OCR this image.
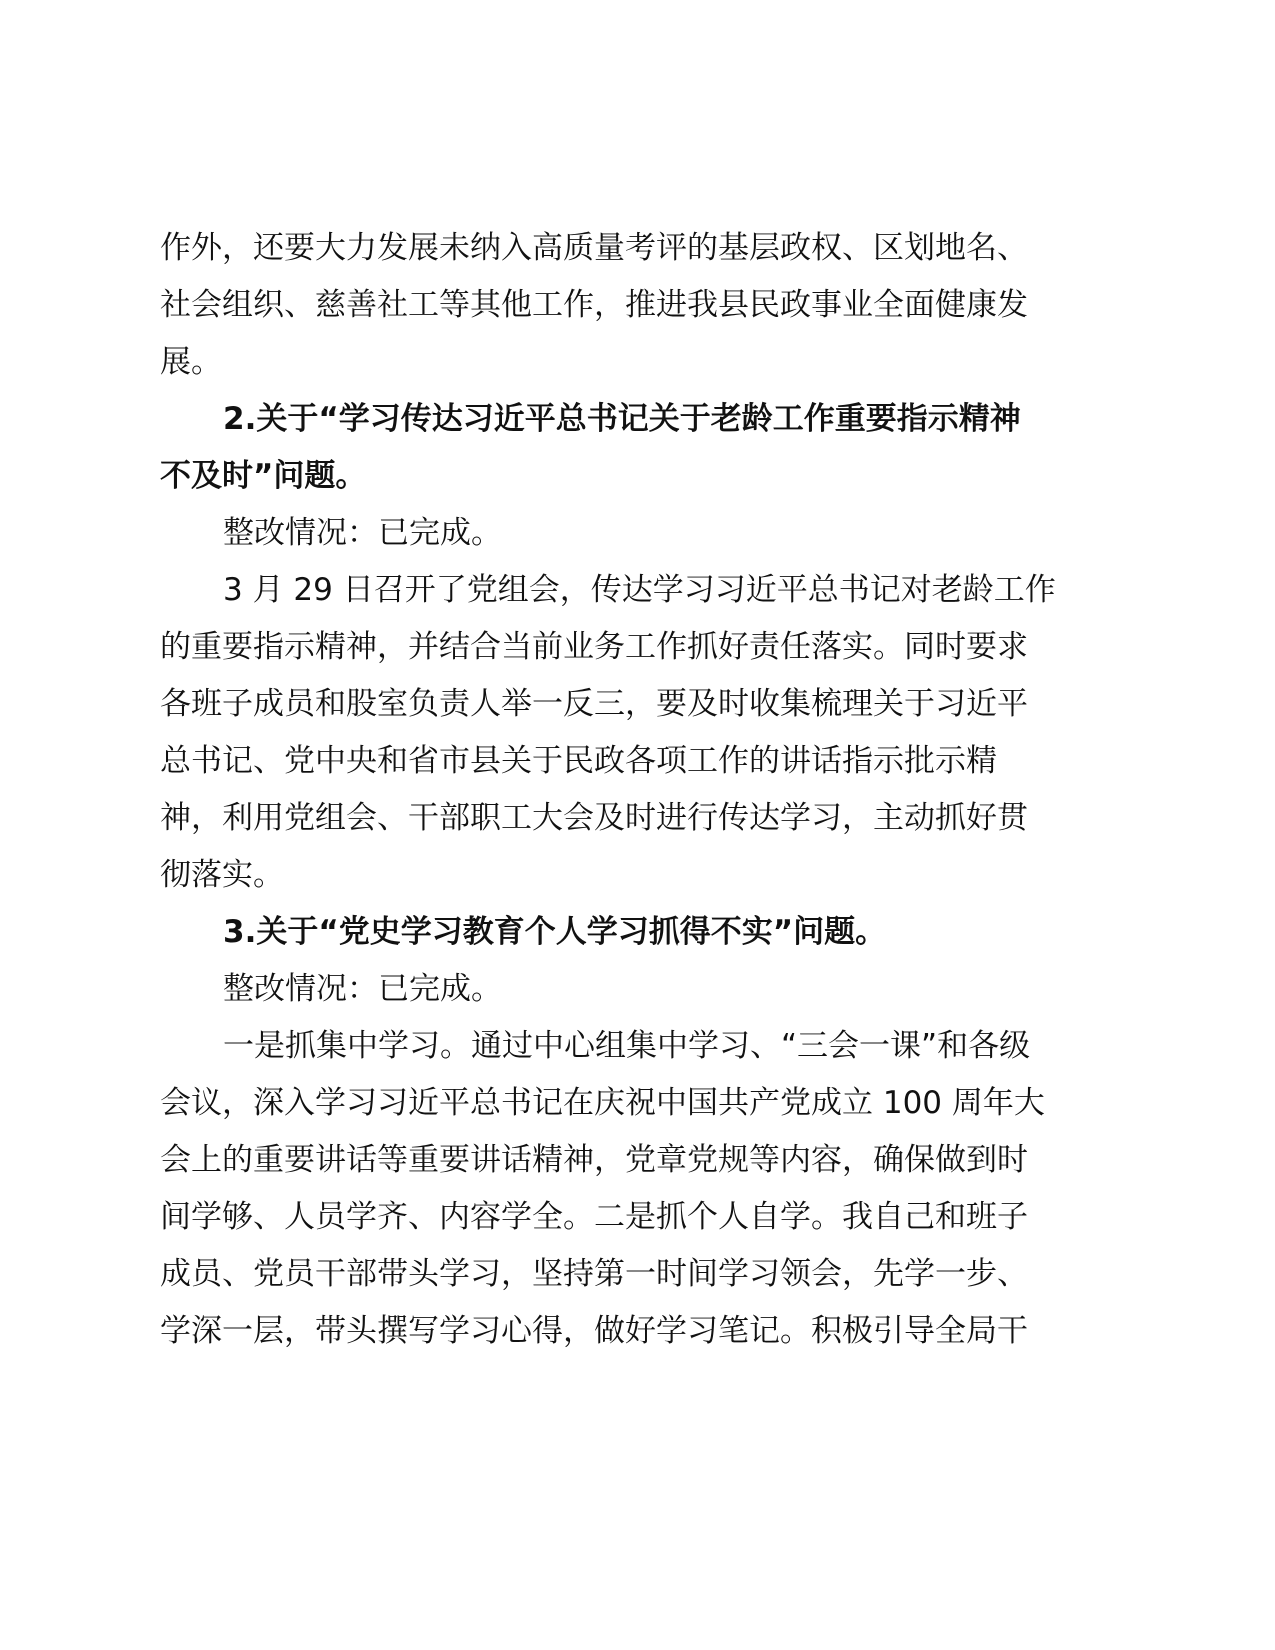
作外，还要大力发展未纳入高质量考评的基层政权、区划地名、
社会组织、慈善社工等其他工作，推进我县民政事业全面健康发
展。
2.关于“学习传达习近平总书记关于老龄工作重要指示精神
不及时”问题。
整改情况：已完成。
3 月 29 日召开了党组会，传达学习习近平总书记对老龄工作
的重要指示精神，并结合当前业务工作抓好责任落实。同时要求
各班子成员和股室负责人举一反三，要及时收集梳理关于习近平
总书记、党中央和省市县关于民政各项工作的讲话指示批示精
神，利用党组会、干部职工大会及时进行传达学习，主动抓好贯
彻落实。
3.关于“党史学习教育个人学习抓得不实”问题。
整改情况：已完成。
一是抓集中学习。通过中心组集中学习、“三会一课”和各级
会议，深入学习习近平总书记在庆祝中国共产党成立 100 周年大
会上的重要讲话等重要讲话精神，党章党规等内容，确保做到时
间学够、人员学齐、内容学全。二是抓个人自学。我自己和班子
成员、党员干部带头学习，坚持第一时间学习领会，先学一步、
学深一层，带头撰写学习心得，做好学习笔记。积极引导全局干
